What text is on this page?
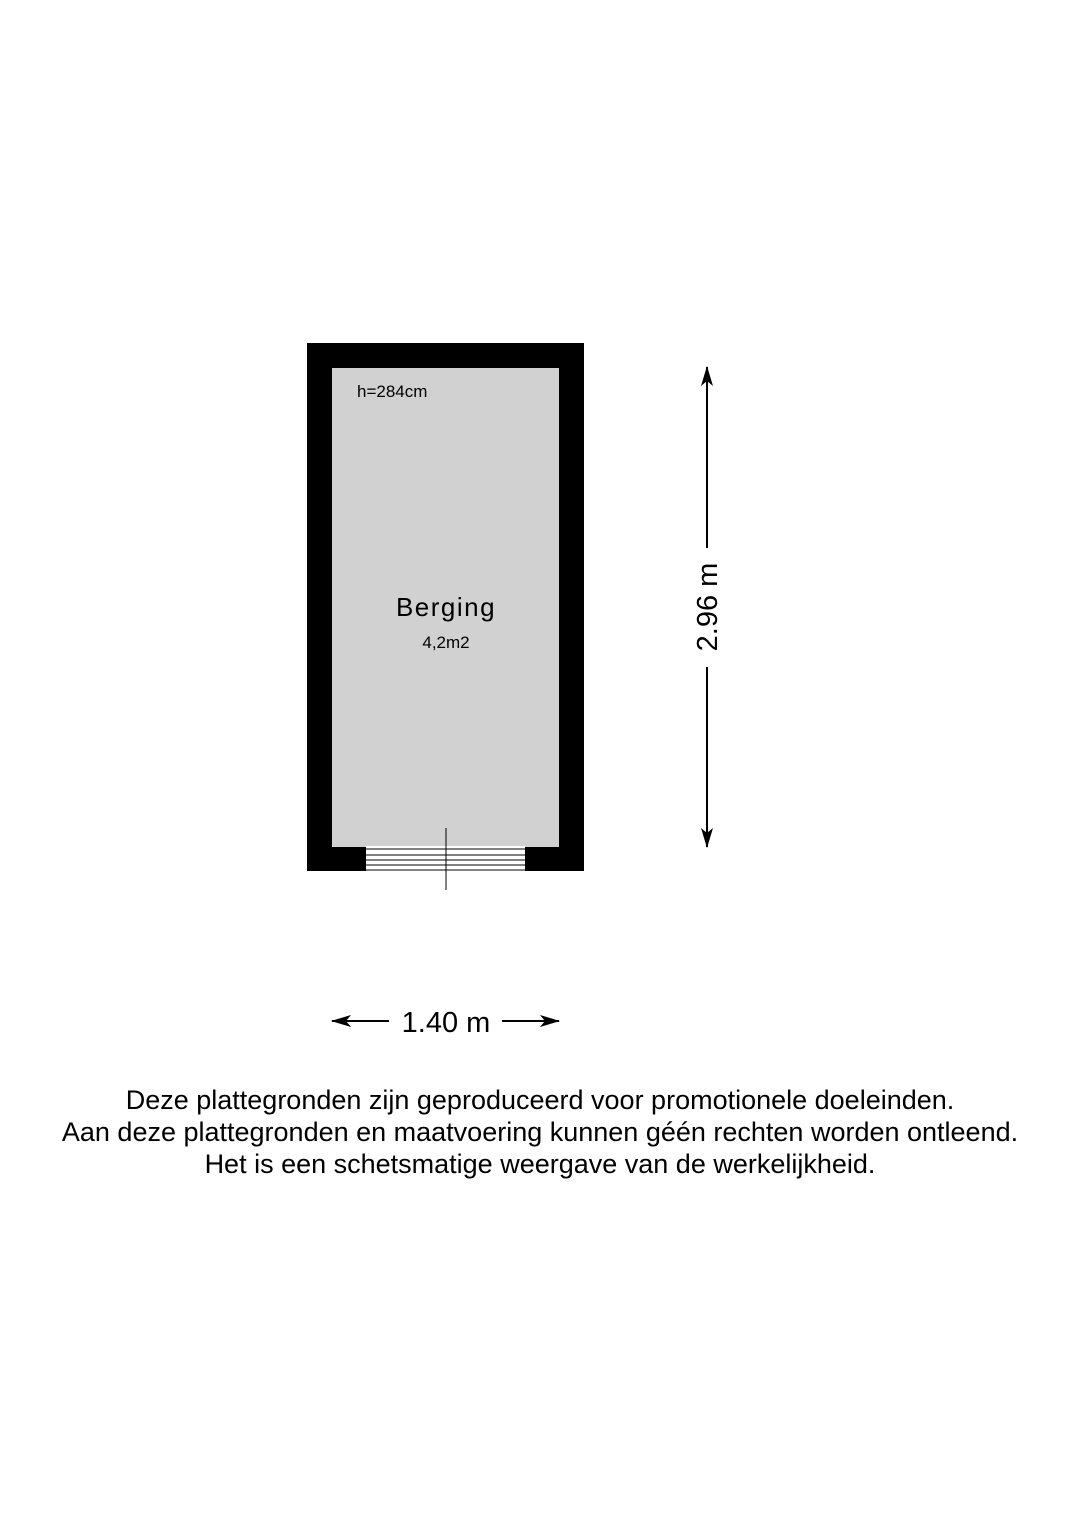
h=284cm
Berging
4,2m2	2.96 m
1.40 m
Deze plattegronden zijn geproduceerd voor promotionele doeleinden.
Aan deze plattegronden en maatvoering kunnen géén rechten worden ontleend.
Het is een schetsmatige weergave van de werkelijkheid.
